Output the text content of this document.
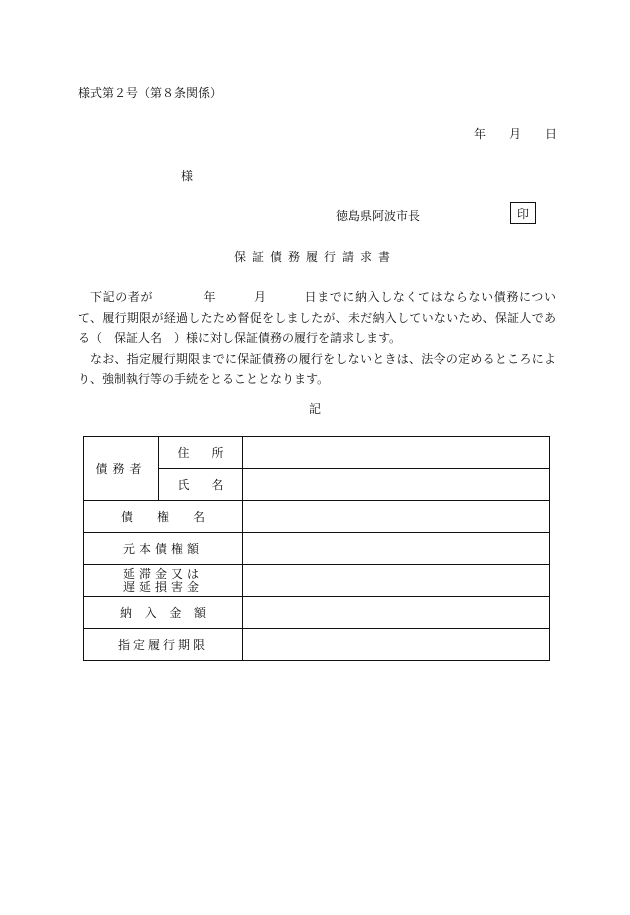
様式第２号（第８条関係）
年 月 日
様
徳島県阿波市長	印
保証債務履行請求書
下記の者が　　　　年　　　月　　　日までに納入しなくてはならない債務について、履行期限が経過したため督促をしましたが、未だ納入していないため、保証人である（　保証人名　）様に対し保証債務の履行を請求します。
なお、指定履行期限までに保証債務の履行をしないときは、法令の定めるところにより、強制執行等の手続をとることとなります。
記
債務者	住 所	

	氏 名	

債 権 名		

元本債権額		

延滞金又は
遅延損害金		

納 入 金 額		

指定履行期限		
